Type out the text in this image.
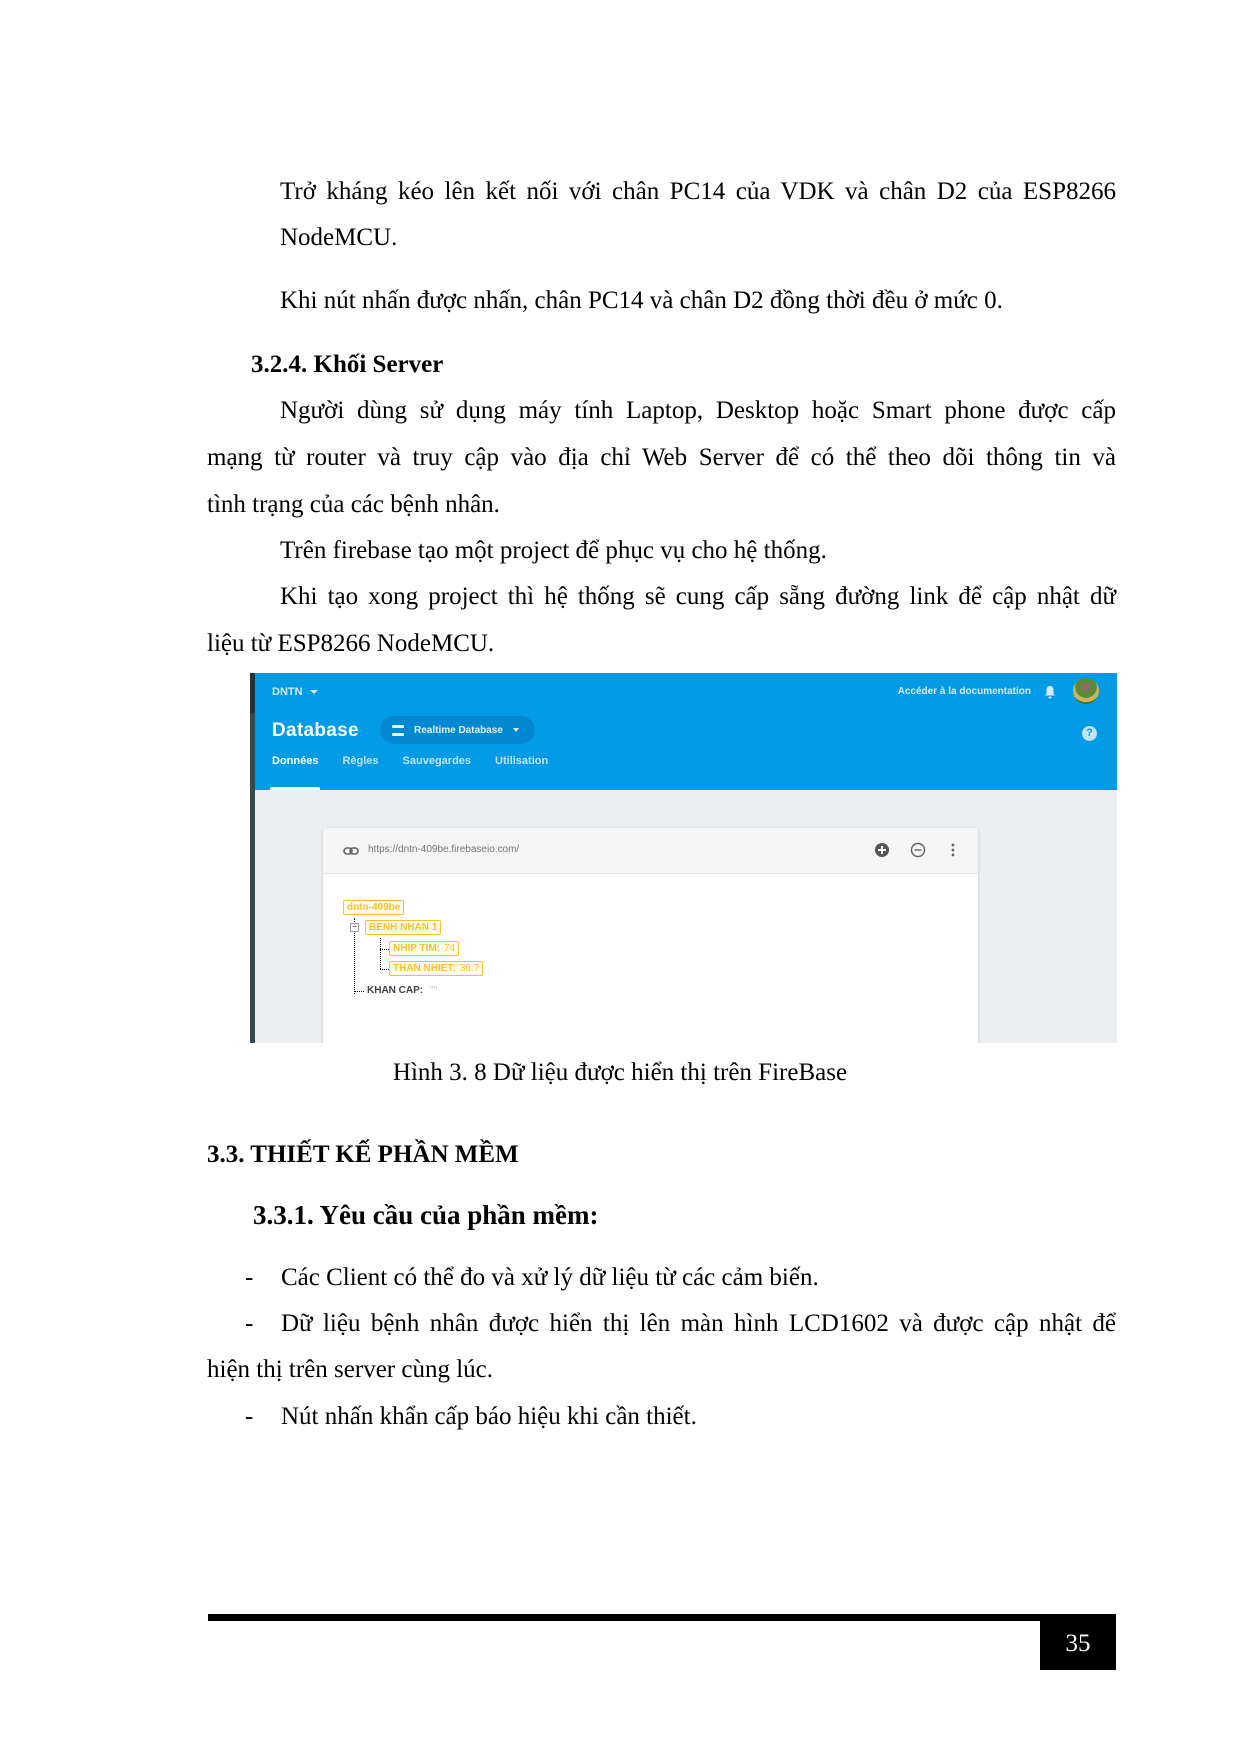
Trở kháng kéo lên kết nối với chân PC14 của VDK và chân D2 của ESP8266
NodeMCU.
Khi nút nhấn được nhấn, chân PC14 và chân D2 đồng thời đều ở mức 0.
3.2.4. Khối Server
Người dùng sử dụng máy tính Laptop, Desktop hoặc Smart phone được cấp
mạng từ router và truy cập vào địa chỉ Web Server để có thể theo dõi thông tin và
tình trạng của các bệnh nhân.
Trên firebase tạo một project để phục vụ cho hệ thống.
Khi tạo xong project thì hệ thống sẽ cung cấp sẵng đường link để cập nhật dữ
liệu từ ESP8266 NodeMCU.
DNTN
Database	Realtime Database
Données Règles Sauvegardes Utilisation
Accéder à la documentation
?
https://dntn-409be.firebaseio.com/
dntn-409be
−	BENH NHAN 1
NHIP TIM: 74
THAN NHIET: 36.?
KHAN CAP: ""
Hình 3. 8 Dữ liệu được hiển thị trên FireBase
3.3. THIẾT KẾ PHẦN MỀM
3.3.1. Yêu cầu của phần mềm:
- Các Client có thể đo và xử lý dữ liệu từ các cảm biến.
- Dữ liệu bệnh nhân được hiển thị lên màn hình LCD1602 và được cập nhật để
hiện thị trên server cùng lúc.
- Nút nhấn khẩn cấp báo hiệu khi cần thiết.
35
